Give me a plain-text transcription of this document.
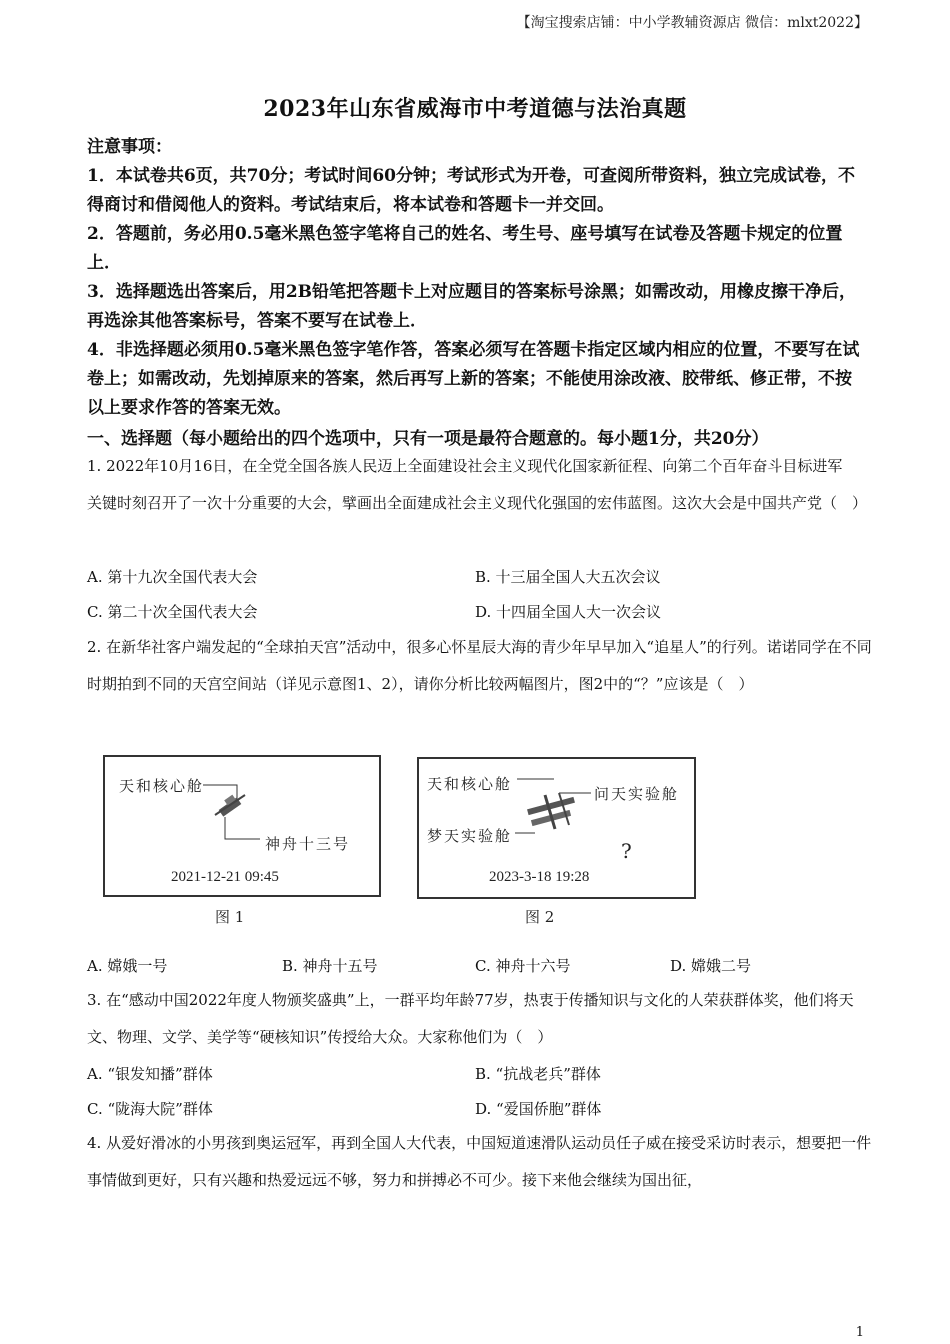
【淘宝搜索店铺：中小学教辅资源店 微信：mlxt2022】
2023年山东省威海市中考道德与法治真题
注意事项：

1．本试卷共6页，共70分；考试时间60分钟；考试形式为开卷，可查阅所带资料，独立完成试卷，不得商讨和借阅他人的资料。考试结束后，将本试卷和答题卡一并交回。

2．答题前，务必用0.5毫米黑色签字笔将自己的姓名、考生号、座号填写在试卷及答题卡规定的位置上．

3．选择题选出答案后，用2B铅笔把答题卡上对应题目的答案标号涂黑；如需改动，用橡皮擦干净后，再选涂其他答案标号，答案不要写在试卷上．

4．非选择题必须用0.5毫米黑色签字笔作答，答案必须写在答题卡指定区域内相应的位置，不要写在试卷上；如需改动，先划掉原来的答案，然后再写上新的答案；不能使用涂改液、胶带纸、修正带，不按以上要求作答的答案无效。

一、选择题（每小题给出的四个选项中，只有一项是最符合题意的。每小题1分，共20分）

1. 2022年10月16日，在全党全国各族人民迈上全面建设社会主义现代化国家新征程、向第二个百年奋斗目标进军　关键时刻召开了一次十分重要的大会，擘画出全面建成社会主义现代化强国的宏伟蓝图。这次大会是中国共产党（　）

A. 第十九次全国代表大会	B. 十三届全国人大五次会议
C. 第二十次全国代表大会	D. 十四届全国人大一次会议

2. 在新华社客户端发起的“全球拍天宫”活动中，很多心怀星辰大海的青少年早早加入“追星人”的行列。诺诺同学在不同时期拍到不同的天宫空间站（详见示意图1、2），请你分析比较两幅图片，图2中的“？”应该是（　）

天和核心舱
神舟十三号
2021-12-21 09:45
图 1
天和核心舱
问天实验舱
梦天实验舱
?
2023-3-18 19:28
图 2
A. 嫦娥一号	B. 神舟十五号	C. 神舟十六号	D. 嫦娥二号

3. 在“感动中国2022年度人物颁奖盛典”上，一群平均年龄77岁，热衷于传播知识与文化的人荣获群体奖，他们将天文、物理、文学、美学等“硬核知识”传授给大众。大家称他们为（　）

A. “银发知播”群体	B. “抗战老兵”群体
C. “陇海大院”群体	D. “爱国侨胞”群体

4. 从爱好滑冰的小男孩到奥运冠军，再到全国人大代表，中国短道速滑队运动员任子威在接受采访时表示，想要把一件事情做到更好，只有兴趣和热爱远远不够，努力和拼搏必不可少。接下来他会继续为国出征，

1
